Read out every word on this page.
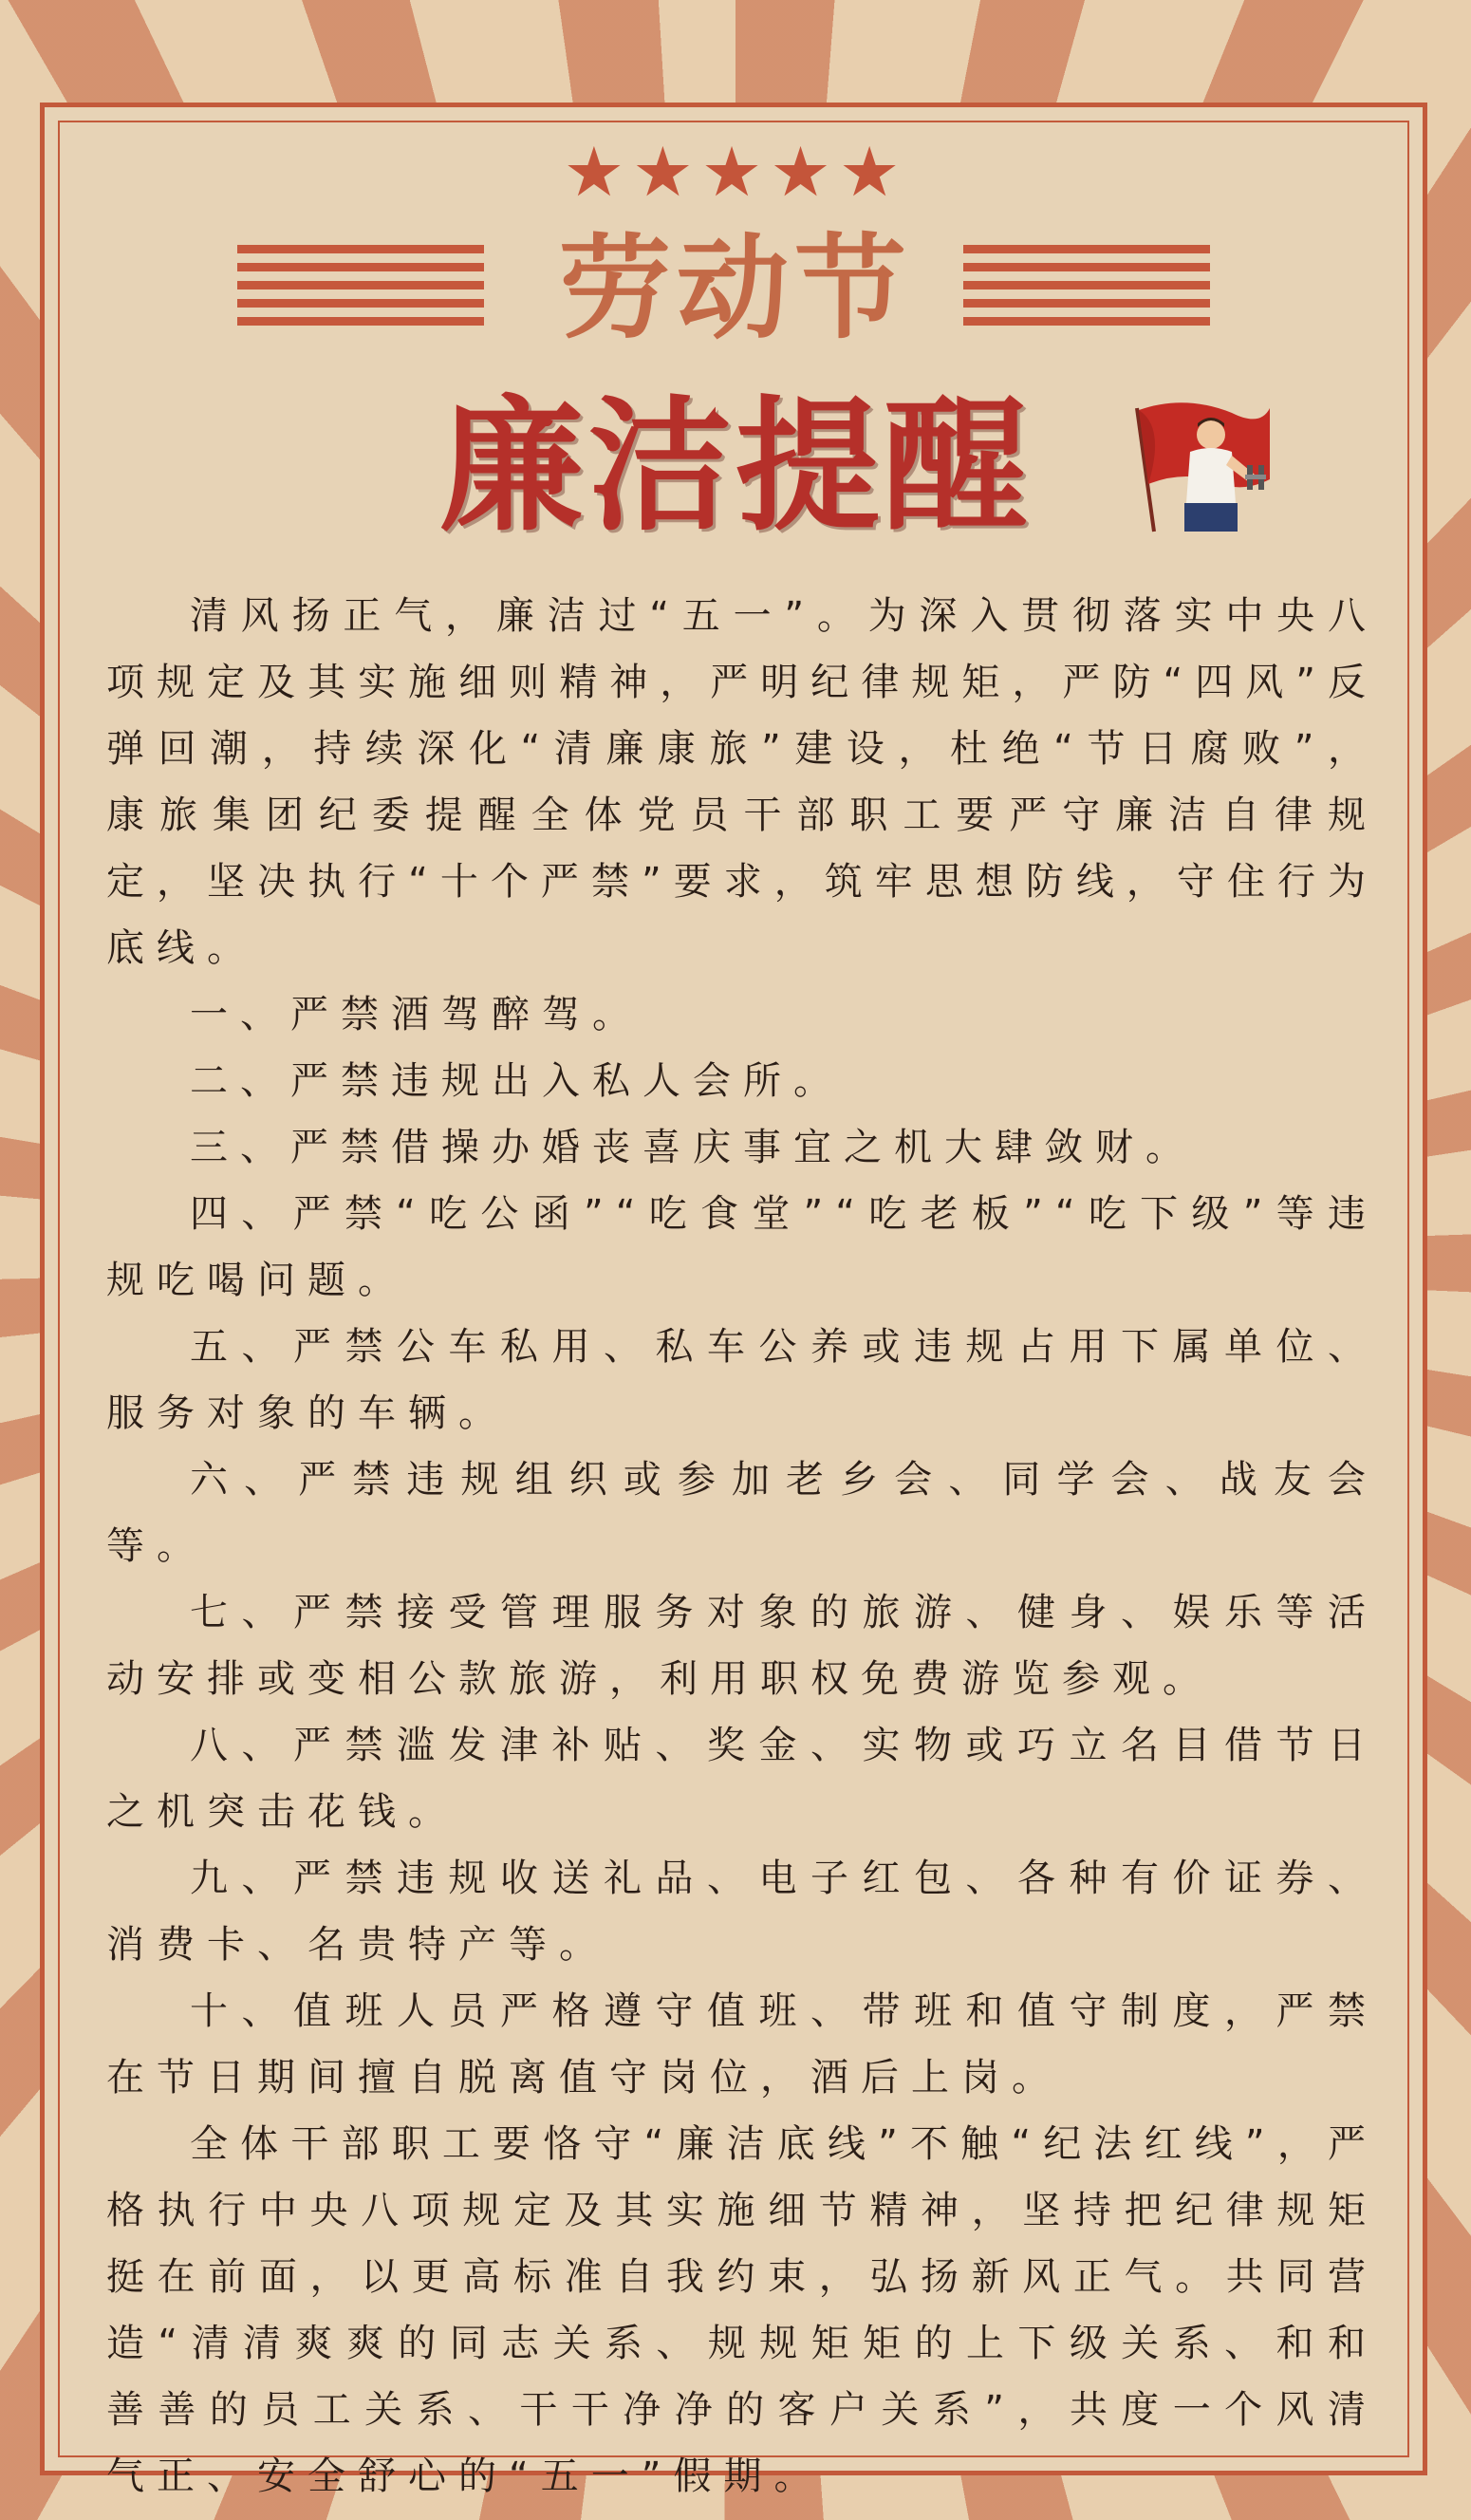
★★★★★
劳动节
廉洁提醒

清风扬正气，廉洁过“五一”。为深入贯彻落实中央八项规定及其实施细则精神，严明纪律规矩，严防“四风”反弹回潮，持续深化“清廉康旅”建设，杜绝“节日腐败”，康旅集团纪委提醒全体党员干部职工要严守廉洁自律规定，坚决执行“十个严禁”要求，筑牢思想防线，守住行为底线。

一、严禁酒驾醉驾。

二、严禁违规出入私人会所。

三、严禁借操办婚丧喜庆事宜之机大肆敛财。

四、严禁“吃公函”“吃食堂”“吃老板”“吃下级”等违规吃喝问题。

五、严禁公车私用、私车公养或违规占用下属单位、服务对象的车辆。

六、严禁违规组织或参加老乡会、同学会、战友会等。

七、严禁接受管理服务对象的旅游、健身、娱乐等活动安排或变相公款旅游，利用职权免费游览参观。

八、严禁滥发津补贴、奖金、实物或巧立名目借节日之机突击花钱。

九、严禁违规收送礼品、电子红包、各种有价证券、消费卡、名贵特产等。

十、值班人员严格遵守值班、带班和值守制度，严禁在节日期间擅自脱离值守岗位，酒后上岗。

全体干部职工要恪守“廉洁底线”不触“纪法红线”，严格执行中央八项规定及其实施细节精神，坚持把纪律规矩挺在前面，以更高标准自我约束，弘扬新风正气。共同营造“清清爽爽的同志关系、规规矩矩的上下级关系、和和善善的员工关系、干干净净的客户关系”，共度一个风清气正、安全舒心的“五一”假期。
